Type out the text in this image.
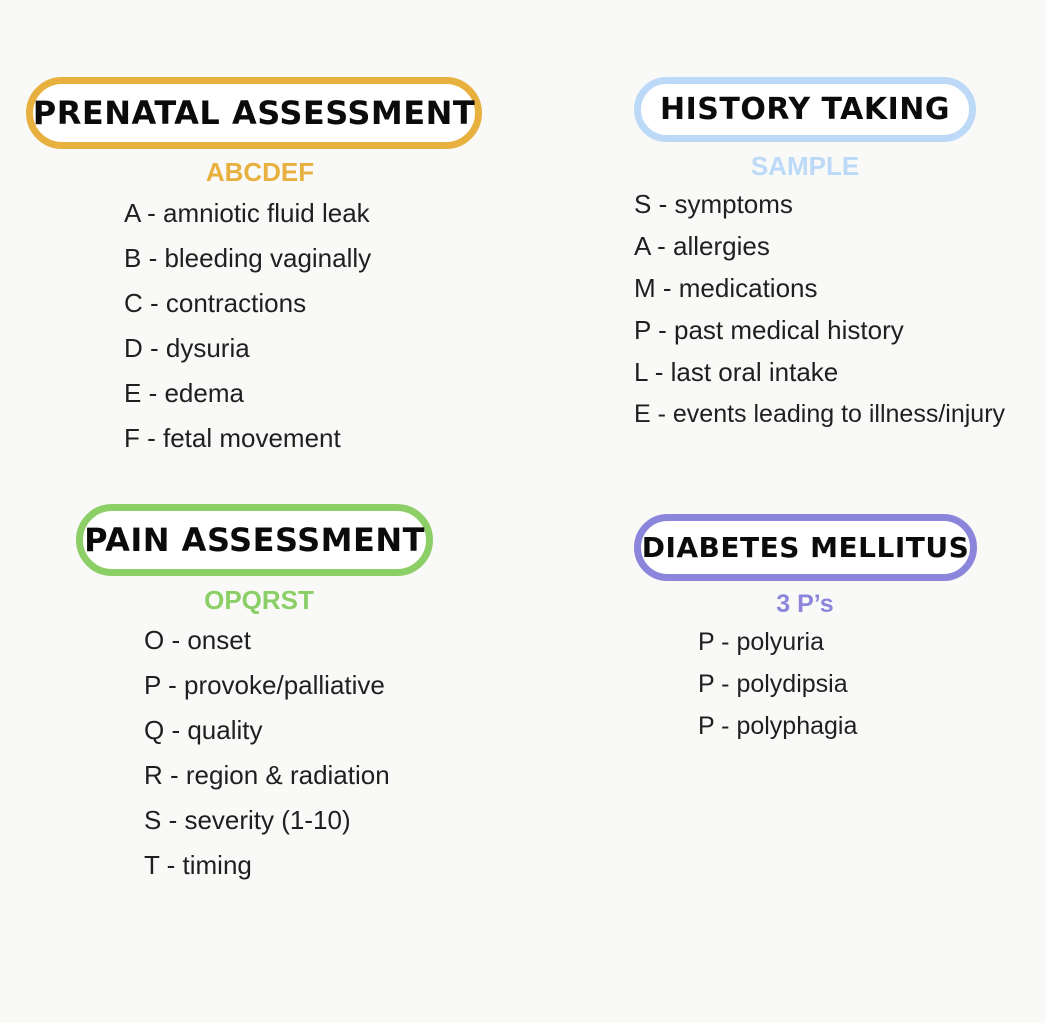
PRENATAL ASSESSMENT
ABCDEF
A - amniotic fluid leak
B - bleeding vaginally
C - contractions
D - dysuria
E - edema
F - fetal movement
HISTORY TAKING
SAMPLE
S - symptoms
A - allergies
M - medications
P - past medical history
L - last oral intake
E - events leading to illness/injury
PAIN ASSESSMENT
OPQRST
O - onset
P - provoke/palliative
Q - quality
R - region & radiation
S - severity (1-10)
T - timing
DIABETES MELLITUS
3 P’s
P - polyuria
P - polydipsia
P - polyphagia
